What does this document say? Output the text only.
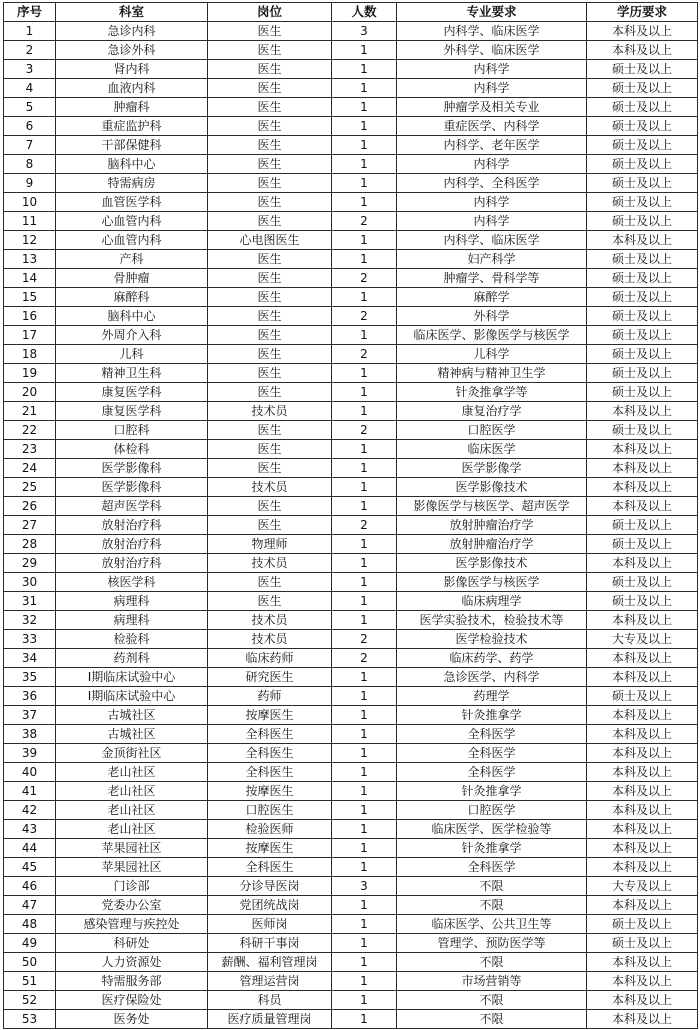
序号	科室	岗位	人数	专业要求	学历要求
1	急诊内科	医生	3	内科学、临床医学	本科及以上
2	急诊外科	医生	1	外科学、临床医学	本科及以上
3	肾内科	医生	1	内科学	硕士及以上
4	血液内科	医生	1	内科学	硕士及以上
5	肿瘤科	医生	1	肿瘤学及相关专业	硕士及以上
6	重症监护科	医生	1	重症医学、内科学	硕士及以上
7	干部保健科	医生	1	内科学、老年医学	硕士及以上
8	脑科中心	医生	1	内科学	硕士及以上
9	特需病房	医生	1	内科学、全科医学	硕士及以上
10	血管医学科	医生	1	内科学	硕士及以上
11	心血管内科	医生	2	内科学	硕士及以上
12	心血管内科	心电图医生	1	内科学、临床医学	本科及以上
13	产科	医生	1	妇产科学	硕士及以上
14	骨肿瘤	医生	2	肿瘤学、骨科学等	硕士及以上
15	麻醉科	医生	1	麻醉学	硕士及以上
16	脑科中心	医生	2	外科学	硕士及以上
17	外周介入科	医生	1	临床医学、影像医学与核医学	硕士及以上
18	儿科	医生	2	儿科学	硕士及以上
19	精神卫生科	医生	1	精神病与精神卫生学	硕士及以上
20	康复医学科	医生	1	针灸推拿学等	硕士及以上
21	康复医学科	技术员	1	康复治疗学	本科及以上
22	口腔科	医生	2	口腔医学	硕士及以上
23	体检科	医生	1	临床医学	本科及以上
24	医学影像科	医生	1	医学影像学	本科及以上
25	医学影像科	技术员	1	医学影像技术	本科及以上
26	超声医学科	医生	1	影像医学与核医学、超声医学	本科及以上
27	放射治疗科	医生	2	放射肿瘤治疗学	硕士及以上
28	放射治疗科	物理师	1	放射肿瘤治疗学	硕士及以上
29	放射治疗科	技术员	1	医学影像技术	本科及以上
30	核医学科	医生	1	影像医学与核医学	硕士及以上
31	病理科	医生	1	临床病理学	硕士及以上
32	病理科	技术员	1	医学实验技术，检验技术等	本科及以上
33	检验科	技术员	2	医学检验技术	大专及以上
34	药剂科	临床药师	2	临床药学、药学	本科及以上
35	I期临床试验中心	研究医生	1	急诊医学、内科学	本科及以上
36	I期临床试验中心	药师	1	药理学	硕士及以上
37	古城社区	按摩医生	1	针灸推拿学	本科及以上
38	古城社区	全科医生	1	全科医学	本科及以上
39	金顶街社区	全科医生	1	全科医学	本科及以上
40	老山社区	全科医生	1	全科医学	本科及以上
41	老山社区	按摩医生	1	针灸推拿学	本科及以上
42	老山社区	口腔医生	1	口腔医学	本科及以上
43	老山社区	检验医师	1	临床医学、医学检验等	本科及以上
44	苹果园社区	按摩医生	1	针灸推拿学	本科及以上
45	苹果园社区	全科医生	1	全科医学	本科及以上
46	门诊部	分诊导医岗	3	不限	大专及以上
47	党委办公室	党团统战岗	1	不限	本科及以上
48	感染管理与疾控处	医师岗	1	临床医学、公共卫生等	硕士及以上
49	科研处	科研干事岗	1	管理学、预防医学等	硕士及以上
50	人力资源处	薪酬、福利管理岗	1	不限	本科及以上
51	特需服务部	管理运营岗	1	市场营销等	本科及以上
52	医疗保险处	科员	1	不限	本科及以上
53	医务处	医疗质量管理岗	1	不限	本科及以上
